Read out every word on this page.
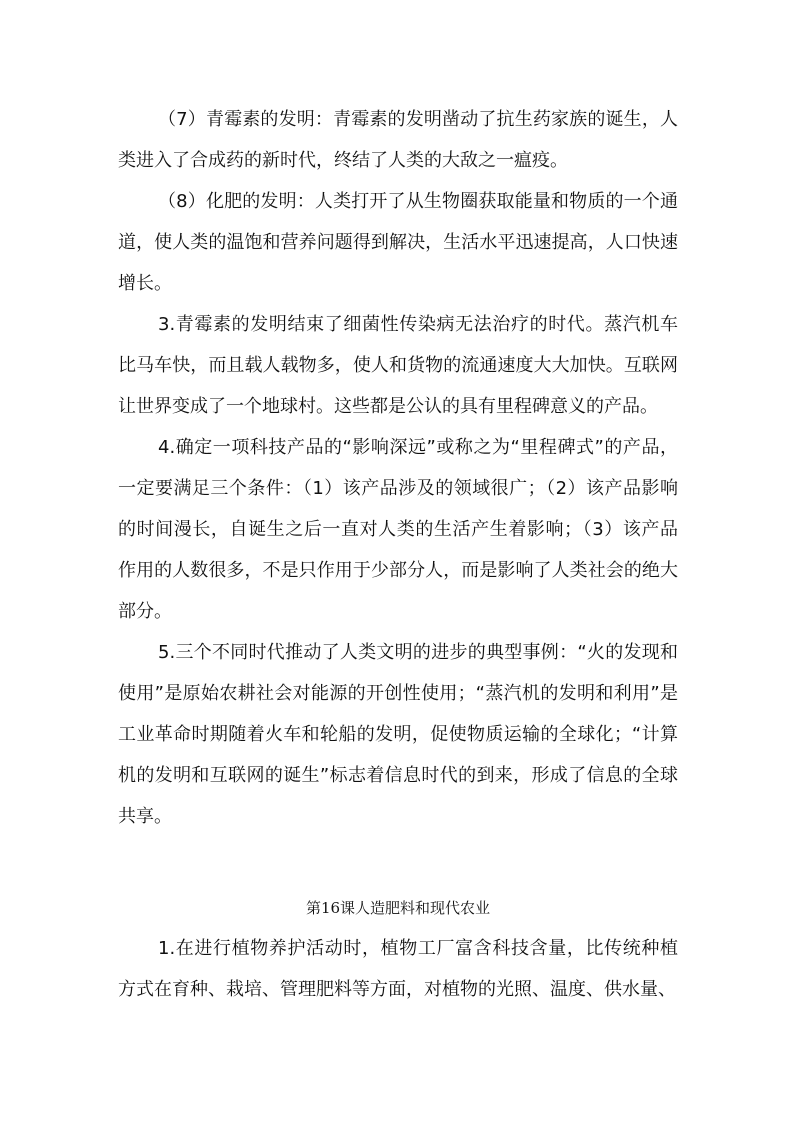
（7）青霉素的发明：青霉素的发明凿动了抗生药家族的诞生，人类进入了合成药的新时代，终结了人类的大敌之一瘟疫。

（8）化肥的发明：人类打开了从生物圈获取能量和物质的一个通道，使人类的温饱和营养问题得到解决，生活水平迅速提高，人口快速增长。

3.青霉素的发明结束了细菌性传染病无法治疗的时代。蒸汽机车比马车快，而且载人载物多，使人和货物的流通速度大大加快。互联网让世界变成了一个地球村。这些都是公认的具有里程碑意义的产品。

4.确定一项科技产品的“影响深远”或称之为“里程碑式”的产品，一定要满足三个条件：（1）该产品涉及的领域很广；（2）该产品影响的时间漫长，自诞生之后一直对人类的生活产生着影响；（3）该产品作用的人数很多，不是只作用于少部分人，而是影响了人类社会的绝大部分。

5.三个不同时代推动了人类文明的进步的典型事例：“火的发现和使用”是原始农耕社会对能源的开创性使用；“蒸汽机的发明和利用”是工业革命时期随着火车和轮船的发明，促使物质运输的全球化；“计算机的发明和互联网的诞生”标志着信息时代的到来，形成了信息的全球共享。

第16课人造肥料和现代农业

1.在进行植物养护活动时，植物工厂富含科技含量，比传统种植方式在育种、栽培、管理肥料等方面，对植物的光照、温度、供水量、
